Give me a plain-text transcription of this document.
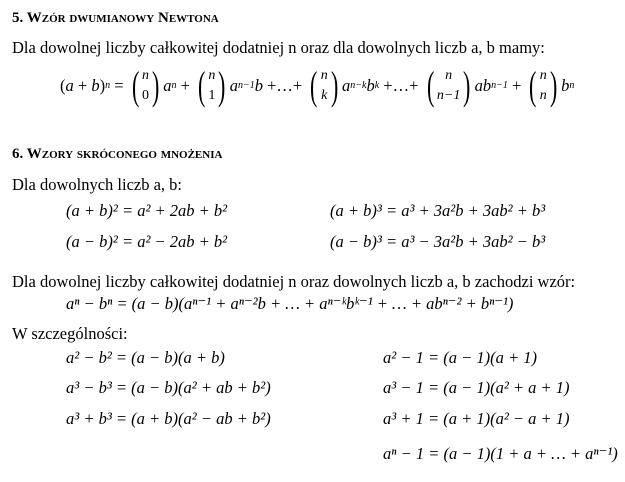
5. Wzór dwumianowy Newtona
Dla dowolnej liczby całkowitej dodatniej n oraz dla dowolnych liczb a, b mamy:
( a + b ) n = ( n
0 ) a n + ( n
1 ) a n−1 b +…+ ( n
k ) a n−k b k +…+ ( n
n−1 ) ab n−1 + ( n
n ) b n
6. Wzory skróconego mnożenia
Dla dowolnych liczb a, b:
(a + b)² = a² + 2ab + b²
(a − b)² = a² − 2ab + b²
(a + b)³ = a³ + 3a²b + 3ab² + b³
(a − b)³ = a³ − 3a²b + 3ab² − b³
Dla dowolnej liczby całkowitej dodatniej n oraz dowolnych liczb a, b zachodzi wzór:
aⁿ − bⁿ = (a − b)(aⁿ⁻¹ + aⁿ⁻²b + … + aⁿ⁻ᵏbᵏ⁻¹ + … + abⁿ⁻² + bⁿ⁻¹)
W szczególności:
a² − b² = (a − b)(a + b)
a³ − b³ = (a − b)(a² + ab + b²)
a³ + b³ = (a + b)(a² − ab + b²)
a² − 1 = (a − 1)(a + 1)
a³ − 1 = (a − 1)(a² + a + 1)
a³ + 1 = (a + 1)(a² − a + 1)
aⁿ − 1 = (a − 1)(1 + a + … + aⁿ⁻¹)
